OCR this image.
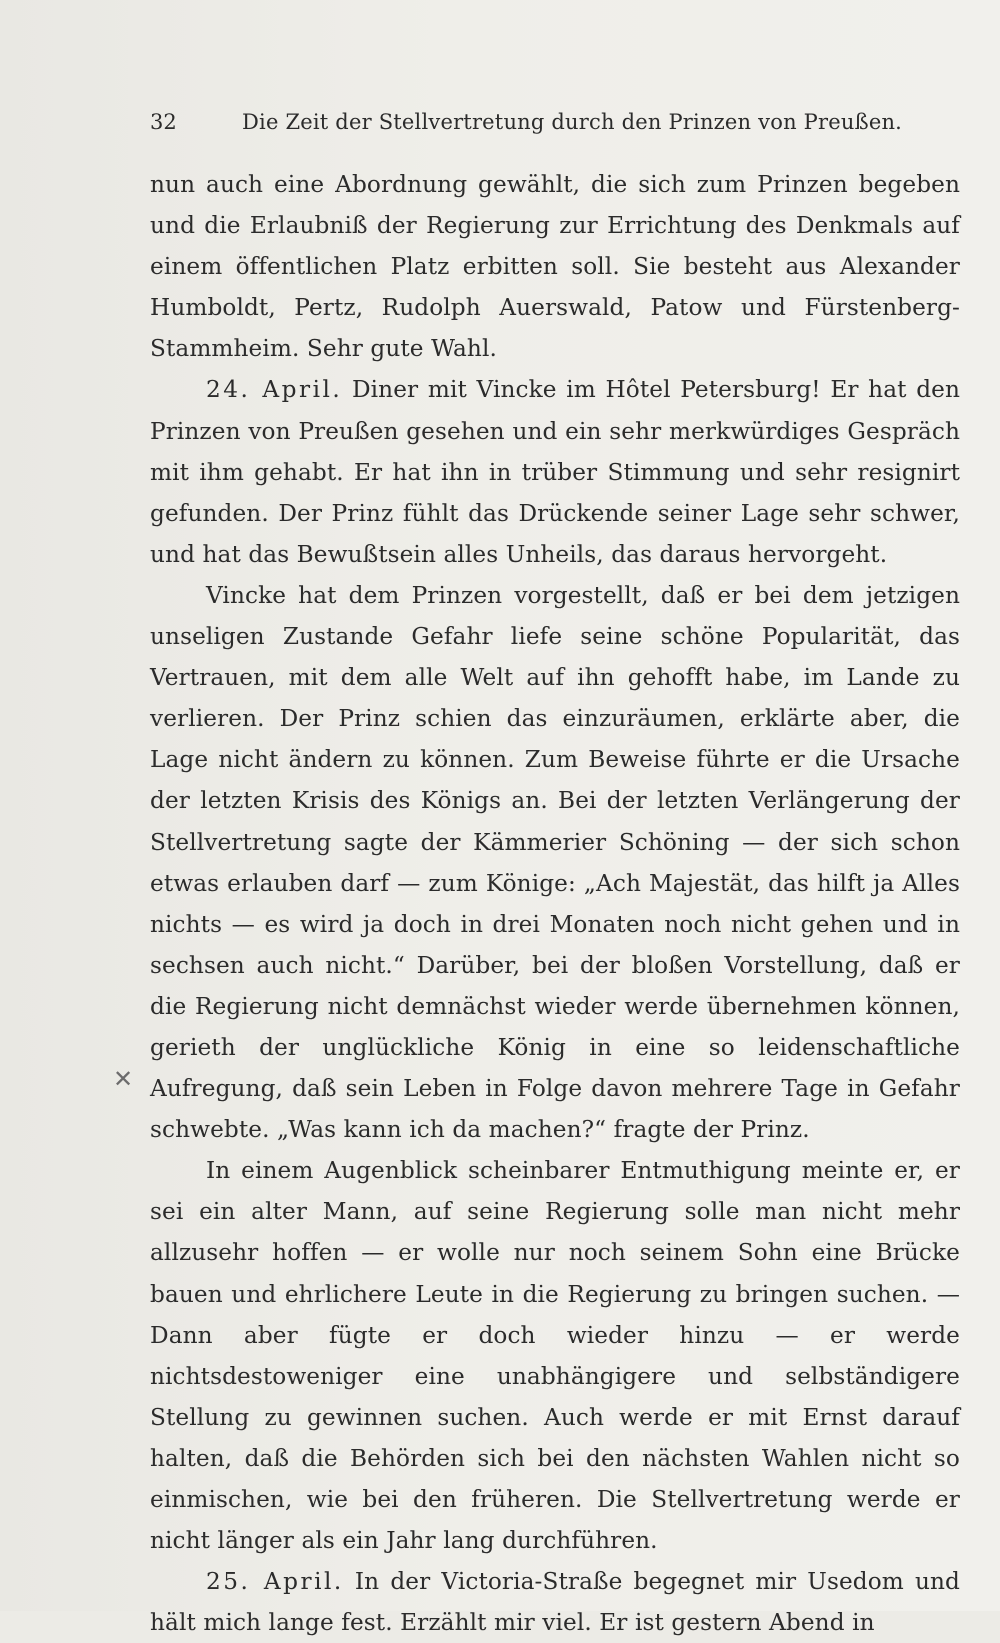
32	Die Zeit der Stellvertretung durch den Prinzen von Preußen.

nun auch eine Abordnung gewählt, die sich zum Prinzen begeben und die Erlaubniß der Regierung zur Errichtung des Denkmals auf einem öffentlichen Platz erbitten soll. Sie besteht aus Alexander Humboldt, Pertz, Rudolph Auerswald, Patow und Fürstenberg-Stammheim. Sehr gute Wahl.

24. April. Diner mit Vincke im Hôtel Petersburg! Er hat den Prinzen von Preußen gesehen und ein sehr merkwürdiges Gespräch mit ihm gehabt. Er hat ihn in trüber Stimmung und sehr resignirt gefunden. Der Prinz fühlt das Drückende seiner Lage sehr schwer, und hat das Bewußtsein alles Unheils, das daraus hervorgeht.

Vincke hat dem Prinzen vorgestellt, daß er bei dem jetzigen unseligen Zustande Gefahr liefe seine schöne Popularität, das Vertrauen, mit dem alle Welt auf ihn gehofft habe, im Lande zu verlieren. Der Prinz schien das einzuräumen, erklärte aber, die Lage nicht ändern zu können. Zum Beweise führte er die Ursache der letzten Krisis des Königs an. Bei der letzten Verlängerung der Stellvertretung sagte der Kämmerier Schöning — der sich schon etwas erlauben darf — zum Könige: „Ach Majestät, das hilft ja Alles nichts — es wird ja doch in drei Monaten noch nicht gehen und in sechsen auch nicht.“ Darüber, bei der bloßen Vorstellung, daß er die Regierung nicht demnächst wieder werde übernehmen können, gerieth der unglückliche König in eine so leidenschaftliche Aufregung, daß sein Leben in Folge davon mehrere Tage in Gefahr schwebte. „Was kann ich da machen?“ fragte der Prinz.

In einem Augenblick scheinbarer Entmuthigung meinte er, er sei ein alter Mann, auf seine Regierung solle man nicht mehr allzusehr hoffen — er wolle nur noch seinem Sohn eine Brücke bauen und ehrlichere Leute in die Regierung zu bringen suchen. — Dann aber fügte er doch wieder hinzu — er werde nichtsdestoweniger eine unabhängigere und selbständigere Stellung zu gewinnen suchen. Auch werde er mit Ernst darauf halten, daß die Behörden sich bei den nächsten Wahlen nicht so einmischen, wie bei den früheren. Die Stellvertretung werde er nicht länger als ein Jahr lang durchführen.

25. April. In der Victoria-Straße begegnet mir Usedom und hält mich lange fest. Erzählt mir viel. Er ist gestern Abend in

✕
